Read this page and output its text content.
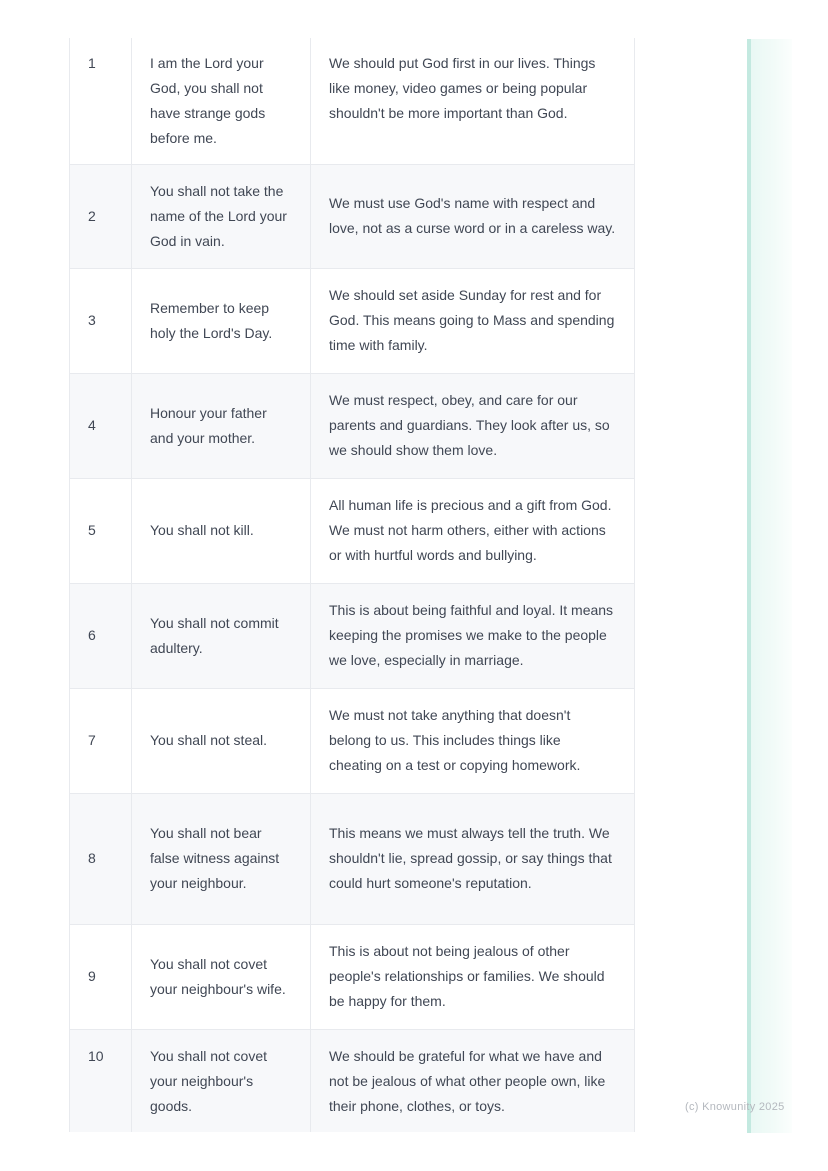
1	I am the Lord your God, you shall not have strange gods before me.	We should put God first in our lives. Things like money, video games or being popular shouldn't be more important than God.
2	You shall not take the name of the Lord your God in vain.	We must use God's name with respect and love, not as a curse word or in a careless way.
3	Remember to keep holy the Lord's Day.	We should set aside Sunday for rest and for God. This means going to Mass and spending time with family.
4	Honour your father and your mother.	We must respect, obey, and care for our parents and guardians. They look after us, so we should show them love.
5	You shall not kill.	All human life is precious and a gift from God. We must not harm others, either with actions or with hurtful words and bullying.
6	You shall not commit adultery.	This is about being faithful and loyal. It means keeping the promises we make to the people we love, especially in marriage.
7	You shall not steal.	We must not take anything that doesn't belong to us. This includes things like cheating on a test or copying homework.
8	You shall not bear false witness against your neighbour.	This means we must always tell the truth. We shouldn't lie, spread gossip, or say things that could hurt someone's reputation.
9	You shall not covet your neighbour's wife.	This is about not being jealous of other people's relationships or families. We should be happy for them.
10	You shall not covet your neighbour's goods.	We should be grateful for what we have and not be jealous of what other people own, like their phone, clothes, or toys.	(c) Knowunity 2025
